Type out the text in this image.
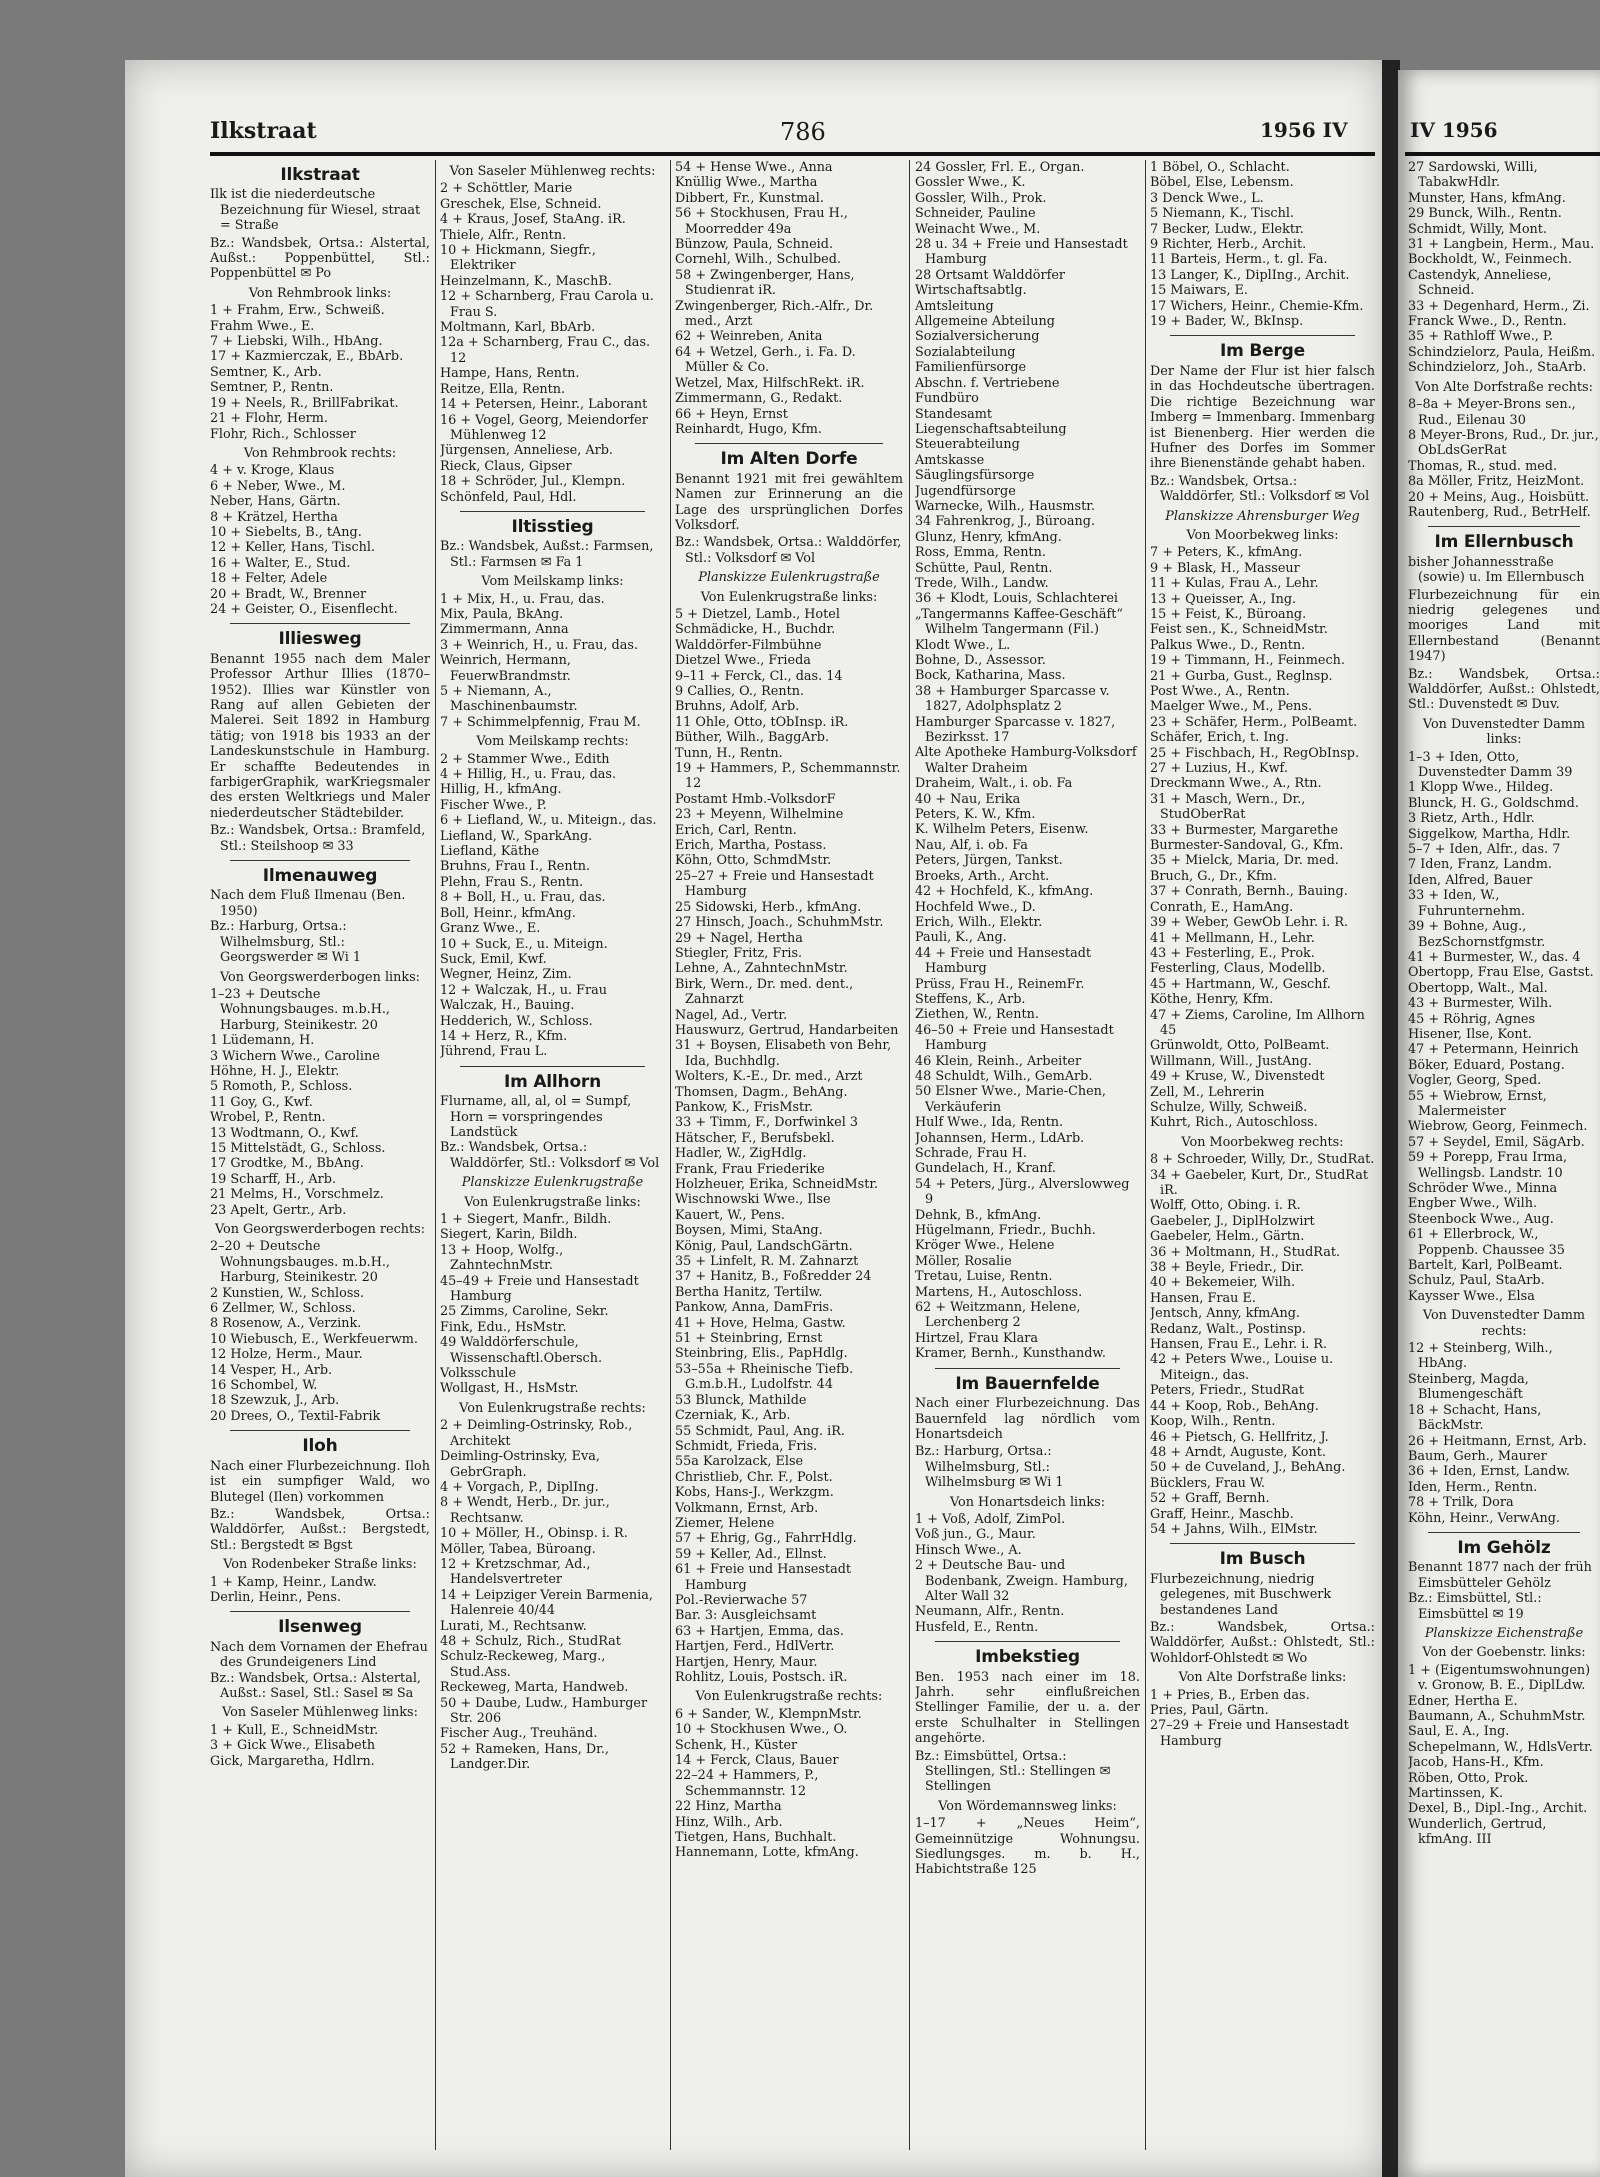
Ilkstraat	786	1956 IV	IV 1956
Ilkstraat
Ilk ist die niederdeutsche Bezeichnung für Wiesel, straat = Straße
Bz.: Wandsbek, Ortsa.: Alstertal, Außst.: Poppenbüttel, Stl.: Poppenbüttel ✉ Po
Von Rehmbrook links:
1 + Frahm, Erw., Schweiß.
Frahm Wwe., E.
7 + Liebski, Wilh., HbAng.
17 + Kazmierczak, E., BbArb.
Semtner, K., Arb.
Semtner, P., Rentn.
19 + Neels, R., BrillFabrikat.
21 + Flohr, Herm.
Flohr, Rich., Schlosser
Von Rehmbrook rechts:
4 + v. Kroge, Klaus
6 + Neber, Wwe., M.
Neber, Hans, Gärtn.
8 + Krätzel, Hertha
10 + Siebelts, B., tAng.
12 + Keller, Hans, Tischl.
16 + Walter, E., Stud.
18 + Felter, Adele
20 + Bradt, W., Brenner
24 + Geister, O., Eisenflecht.
Illiesweg
Benannt 1955 nach dem Maler Professor Arthur Illies (1870–1952). Illies war Künstler von Rang auf allen Gebieten der Malerei. Seit 1892 in Hamburg tätig; von 1918 bis 1933 an der Landeskunstschule in Hamburg. Er schaffte Bedeutendes in farbigerGraphik, warKriegsmaler des ersten Weltkriegs und Maler niederdeutscher Städtebilder.
Bz.: Wandsbek, Ortsa.: Bramfeld, Stl.: Steilshoop ✉ 33
Ilmenauweg
Nach dem Fluß Ilmenau (Ben. 1950)
Bz.: Harburg, Ortsa.: Wilhelmsburg, Stl.: Georgswerder ✉ Wi 1
Von Georgswerderbogen links:
1–23 + Deutsche Wohnungsbauges. m.b.H., Harburg, Steinikestr. 20
1 Lüdemann, H.
3 Wichern Wwe., Caroline
Höhne, H. J., Elektr.
5 Romoth, P., Schloss.
11 Goy, G., Kwf.
Wrobel, P., Rentn.
13 Wodtmann, O., Kwf.
15 Mittelstädt, G., Schloss.
17 Grodtke, M., BbAng.
19 Scharff, H., Arb.
21 Melms, H., Vorschmelz.
23 Apelt, Gertr., Arb.
Von Georgswerderbogen rechts:
2–20 + Deutsche Wohnungsbauges. m.b.H., Harburg, Steinikestr. 20
2 Kunstien, W., Schloss.
6 Zellmer, W., Schloss.
8 Rosenow, A., Verzink.
10 Wiebusch, E., Werkfeuerwm.
12 Holze, Herm., Maur.
14 Vesper, H., Arb.
16 Schombel, W.
18 Szewzuk, J., Arb.
20 Drees, O., Textil-Fabrik
Iloh
Nach einer Flurbezeichnung. Iloh ist ein sumpfiger Wald, wo Blutegel (Ilen) vorkommen
Bz.: Wandsbek, Ortsa.: Walddörfer, Außst.: Bergstedt, Stl.: Bergstedt ✉ Bgst
Von Rodenbeker Straße links:
1 + Kamp, Heinr., Landw.
Derlin, Heinr., Pens.
Ilsenweg
Nach dem Vornamen der Ehefrau des Grundeigeners Lind
Bz.: Wandsbek, Ortsa.: Alstertal, Außst.: Sasel, Stl.: Sasel ✉ Sa
Von Saseler Mühlenweg links:
1 + Kull, E., SchneidMstr.
3 + Gick Wwe., Elisabeth
Gick, Margaretha, Hdlrn.
Von Saseler Mühlenweg rechts:
2 + Schöttler, Marie
Greschek, Else, Schneid.
4 + Kraus, Josef, StaAng. iR.
Thiele, Alfr., Rentn.
10 + Hickmann, Siegfr., Elektriker
Heinzelmann, K., MaschB.
12 + Scharnberg, Frau Carola u. Frau S.
Moltmann, Karl, BbArb.
12a + Scharnberg, Frau C., das. 12
Hampe, Hans, Rentn.
Reitze, Ella, Rentn.
14 + Petersen, Heinr., Laborant
16 + Vogel, Georg, Meiendorfer Mühlenweg 12
Jürgensen, Anneliese, Arb.
Rieck, Claus, Gipser
18 + Schröder, Jul., Klempn.
Schönfeld, Paul, Hdl.
Iltisstieg
Bz.: Wandsbek, Außst.: Farmsen, Stl.: Farmsen ✉ Fa 1
Vom Meilskamp links:
1 + Mix, H., u. Frau, das.
Mix, Paula, BkAng.
Zimmermann, Anna
3 + Weinrich, H., u. Frau, das.
Weinrich, Hermann, FeuerwBrandmstr.
5 + Niemann, A., Maschinenbaumstr.
7 + Schimmelpfennig, Frau M.
Vom Meilskamp rechts:
2 + Stammer Wwe., Edith
4 + Hillig, H., u. Frau, das.
Hillig, H., kfmAng.
Fischer Wwe., P.
6 + Liefland, W., u. Miteign., das.
Liefland, W., SparkAng.
Liefland, Käthe
Bruhns, Frau I., Rentn.
Plehn, Frau S., Rentn.
8 + Boll, H., u. Frau, das.
Boll, Heinr., kfmAng.
Granz Wwe., E.
10 + Suck, E., u. Miteign.
Suck, Emil, Kwf.
Wegner, Heinz, Zim.
12 + Walczak, H., u. Frau
Walczak, H., Bauing.
Hedderich, W., Schloss.
14 + Herz, R., Kfm.
Jührend, Frau L.
Im Allhorn
Flurname, all, al, ol = Sumpf, Horn = vorspringendes Landstück
Bz.: Wandsbek, Ortsa.: Walddörfer, Stl.: Volksdorf ✉ Vol
Planskizze Eulenkrugstraße
Von Eulenkrugstraße links:
1 + Siegert, Manfr., Bildh.
Siegert, Karin, Bildh.
13 + Hoop, Wolfg., ZahntechnMstr.
45–49 + Freie und Hansestadt Hamburg
25 Zimms, Caroline, Sekr.
Fink, Edu., HsMstr.
49 Walddörferschule, Wissenschaftl.Obersch.
Volksschule
Wollgast, H., HsMstr.
Von Eulenkrugstraße rechts:
2 + Deimling-Ostrinsky, Rob., Architekt
Deimling-Ostrinsky, Eva, GebrGraph.
4 + Vorgach, P., DiplIng.
8 + Wendt, Herb., Dr. jur., Rechtsanw.
10 + Möller, H., Obinsp. i. R.
Möller, Tabea, Büroang.
12 + Kretzschmar, Ad., Handelsvertreter
14 + Leipziger Verein Barmenia, Halenreie 40/44
Lurati, M., Rechtsanw.
48 + Schulz, Rich., StudRat
Schulz-Reckeweg, Marg., Stud.Ass.
Reckeweg, Marta, Handweb.
50 + Daube, Ludw., Hamburger Str. 206
Fischer Aug., Treuhänd.
52 + Rameken, Hans, Dr., Landger.Dir.
54 + Hense Wwe., Anna
Knüllig Wwe., Martha
Dibbert, Fr., Kunstmal.
56 + Stockhusen, Frau H., Moorredder 49a
Bünzow, Paula, Schneid.
Cornehl, Wilh., Schulbed.
58 + Zwingenberger, Hans, Studienrat iR.
Zwingenberger, Rich.-Alfr., Dr. med., Arzt
62 + Weinreben, Anita
64 + Wetzel, Gerh., i. Fa. D. Müller & Co.
Wetzel, Max, HilfschRekt. iR.
Zimmermann, G., Redakt.
66 + Heyn, Ernst
Reinhardt, Hugo, Kfm.
Im Alten Dorfe
Benannt 1921 mit frei gewähltem Namen zur Erinnerung an die Lage des ursprünglichen Dorfes Volksdorf.
Bz.: Wandsbek, Ortsa.: Walddörfer, Stl.: Volksdorf ✉ Vol
Planskizze Eulenkrugstraße
Von Eulenkrugstraße links:
5 + Dietzel, Lamb., Hotel
Schmädicke, H., Buchdr.
Walddörfer-Filmbühne
Dietzel Wwe., Frieda
9–11 + Ferck, Cl., das. 14
9 Callies, O., Rentn.
Bruhns, Adolf, Arb.
11 Ohle, Otto, tObInsp. iR.
Büther, Wilh., BaggArb.
Tunn, H., Rentn.
19 + Hammers, P., Schemmannstr. 12
Postamt Hmb.-VolksdorF
23 + Meyenn, Wilhelmine
Erich, Carl, Rentn.
Erich, Martha, Postass.
Köhn, Otto, SchmdMstr.
25–27 + Freie und Hansestadt Hamburg
25 Sidowski, Herb., kfmAng.
27 Hinsch, Joach., SchuhmMstr.
29 + Nagel, Hertha
Stiegler, Fritz, Fris.
Lehne, A., ZahntechnMstr.
Birk, Wern., Dr. med. dent., Zahnarzt
Nagel, Ad., Vertr.
Hauswurz, Gertrud, Handarbeiten
31 + Boysen, Elisabeth von Behr, Ida, Buchhdlg.
Wolters, K.-E., Dr. med., Arzt
Thomsen, Dagm., BehAng.
Pankow, K., FrisMstr.
33 + Timm, F., Dorfwinkel 3
Hätscher, F., Berufsbekl.
Hadler, W., ZigHdlg.
Frank, Frau Friederike
Holzheuer, Erika, SchneidMstr.
Wischnowski Wwe., Ilse
Kauert, W., Pens.
Boysen, Mimi, StaAng.
König, Paul, LandschGärtn.
35 + Linfelt, R. M. Zahnarzt
37 + Hanitz, B., Foßredder 24
Bertha Hanitz, Tertilw.
Pankow, Anna, DamFris.
41 + Hove, Helma, Gastw.
51 + Steinbring, Ernst
Steinbring, Elis., PapHdlg.
53–55a + Rheinische Tiefb. G.m.b.H., Ludolfstr. 44
53 Blunck, Mathilde
Czerniak, K., Arb.
55 Schmidt, Paul, Ang. iR.
Schmidt, Frieda, Fris.
55a Karolzack, Else
Christlieb, Chr. F., Polst.
Kobs, Hans-J., Werkzgm.
Volkmann, Ernst, Arb.
Ziemer, Helene
57 + Ehrig, Gg., FahrrHdlg.
59 + Keller, Ad., Ellnst.
61 + Freie und Hansestadt Hamburg
Pol.-Revierwache 57
Bar. 3: Ausgleichsamt
63 + Hartjen, Emma, das.
Hartjen, Ferd., HdlVertr.
Hartjen, Henry, Maur.
Rohlitz, Louis, Postsch. iR.
Von Eulenkrugstraße rechts:
6 + Sander, W., KlempnMstr.
10 + Stockhusen Wwe., O.
Schenk, H., Küster
14 + Ferck, Claus, Bauer
22–24 + Hammers, P., Schemmannstr. 12
22 Hinz, Martha
Hinz, Wilh., Arb.
Tietgen, Hans, Buchhalt.
Hannemann, Lotte, kfmAng.
24 Gossler, Frl. E., Organ.
Gossler Wwe., K.
Gossler, Wilh., Prok.
Schneider, Pauline
Weinacht Wwe., M.
28 u. 34 + Freie und Hansestadt Hamburg
28 Ortsamt Walddörfer
Wirtschaftsabtlg.
Amtsleitung
Allgemeine Abteilung
Sozialversicherung
Sozialabteilung
Familienfürsorge
Abschn. f. Vertriebene
Fundbüro
Standesamt
Liegenschaftsabteilung
Steuerabteilung
Amtskasse
Säuglingsfürsorge
Jugendfürsorge
Warnecke, Wilh., Hausmstr.
34 Fahrenkrog, J., Büroang.
Glunz, Henry, kfmAng.
Ross, Emma, Rentn.
Schütte, Paul, Rentn.
Trede, Wilh., Landw.
36 + Klodt, Louis, Schlachterei
„Tangermanns Kaffee-Geschäft“ Wilhelm Tangermann (Fil.)
Klodt Wwe., L.
Bohne, D., Assessor.
Bock, Katharina, Mass.
38 + Hamburger Sparcasse v. 1827, Adolphsplatz 2
Hamburger Sparcasse v. 1827, Bezirksst. 17
Alte Apotheke Hamburg-Volksdorf Walter Draheim
Draheim, Walt., i. ob. Fa
40 + Nau, Erika
Peters, K. W., Kfm.
K. Wilhelm Peters, Eisenw.
Nau, Alf, i. ob. Fa
Peters, Jürgen, Tankst.
Broeks, Arth., Archt.
42 + Hochfeld, K., kfmAng.
Hochfeld Wwe., D.
Erich, Wilh., Elektr.
Pauli, K., Ang.
44 + Freie und Hansestadt Hamburg
Prüss, Frau H., ReinemFr.
Steffens, K., Arb.
Ziethen, W., Rentn.
46–50 + Freie und Hansestadt Hamburg
46 Klein, Reinh., Arbeiter
48 Schuldt, Wilh., GemArb.
50 Elsner Wwe., Marie-Chen, Verkäuferin
Hulf Wwe., Ida, Rentn.
Johannsen, Herm., LdArb.
Schrade, Frau H.
Gundelach, H., Kranf.
54 + Peters, Jürg., Alverslowweg 9
Dehnk, B., kfmAng.
Hügelmann, Friedr., Buchh.
Kröger Wwe., Helene
Möller, Rosalie
Tretau, Luise, Rentn.
Martens, H., Autoschloss.
62 + Weitzmann, Helene, Lerchenberg 2
Hirtzel, Frau Klara
Kramer, Bernh., Kunsthandw.
Im Bauernfelde
Nach einer Flurbezeichnung. Das Bauernfeld lag nördlich vom Honartsdeich
Bz.: Harburg, Ortsa.: Wilhelmsburg, Stl.: Wilhelmsburg ✉ Wi 1
Von Honartsdeich links:
1 + Voß, Adolf, ZimPol.
Voß jun., G., Maur.
Hinsch Wwe., A.
2 + Deutsche Bau- und Bodenbank, Zweign. Hamburg, Alter Wall 32
Neumann, Alfr., Rentn.
Husfeld, E., Rentn.
Imbekstieg
Ben. 1953 nach einer im 18. Jahrh. sehr einflußreichen Stellinger Familie, der u. a. der erste Schulhalter in Stellingen angehörte.
Bz.: Eimsbüttel, Ortsa.: Stellingen, Stl.: Stellingen ✉ Stellingen
Von Wördemannsweg links:
1–17 + „Neues Heim“, Gemeinnützige Wohnungsu. Siedlungsges. m. b. H., Habichtstraße 125
1 Böbel, O., Schlacht.
Böbel, Else, Lebensm.
3 Denck Wwe., L.
5 Niemann, K., Tischl.
7 Becker, Ludw., Elektr.
9 Richter, Herb., Archit.
11 Barteis, Herm., t. gl. Fa.
13 Langer, K., DiplIng., Archit.
15 Maiwars, E.
17 Wichers, Heinr., Chemie-Kfm.
19 + Bader, W., BkInsp.
Im Berge
Der Name der Flur ist hier falsch in das Hochdeutsche übertragen. Die richtige Bezeichnung war Imberg = Immenbarg. Immenbarg ist Bienenberg. Hier werden die Hufner des Dorfes im Sommer ihre Bienenstände gehabt haben.
Bz.: Wandsbek, Ortsa.: Walddörfer, Stl.: Volksdorf ✉ Vol
Planskizze Ahrensburger Weg
Von Moorbekweg links:
7 + Peters, K., kfmAng.
9 + Blask, H., Masseur
11 + Kulas, Frau A., Lehr.
13 + Queisser, A., Ing.
15 + Feist, K., Büroang.
Feist sen., K., SchneidMstr.
Palkus Wwe., D., Rentn.
19 + Timmann, H., Feinmech.
21 + Gurba, Gust., Reglnsp.
Post Wwe., A., Rentn.
Maelger Wwe., M., Pens.
23 + Schäfer, Herm., PolBeamt.
Schäfer, Erich, t. Ing.
25 + Fischbach, H., RegObInsp.
27 + Luzius, H., Kwf.
Dreckmann Wwe., A., Rtn.
31 + Masch, Wern., Dr., StudOberRat
33 + Burmester, Margarethe
Burmester-Sandoval, G., Kfm.
35 + Mielck, Maria, Dr. med.
Bruch, G., Dr., Kfm.
37 + Conrath, Bernh., Bauing.
Conrath, E., HamAng.
39 + Weber, GewOb Lehr. i. R.
41 + Mellmann, H., Lehr.
43 + Festerling, E., Prok.
Festerling, Claus, Modellb.
45 + Hartmann, W., Geschf.
Köthe, Henry, Kfm.
47 + Ziems, Caroline, Im Allhorn 45
Grünwoldt, Otto, PolBeamt.
Willmann, Will., JustAng.
49 + Kruse, W., Divenstedt
Zell, M., Lehrerin
Schulze, Willy, Schweiß.
Kuhrt, Rich., Autoschloss.
Von Moorbekweg rechts:
8 + Schroeder, Willy, Dr., StudRat.
34 + Gaebeler, Kurt, Dr., StudRat iR.
Wolff, Otto, Obing. i. R.
Gaebeler, J., DiplHolzwirt
Gaebeler, Helm., Gärtn.
36 + Moltmann, H., StudRat.
38 + Beyle, Friedr., Dir.
40 + Bekemeier, Wilh.
Hansen, Frau E.
Jentsch, Anny, kfmAng.
Redanz, Walt., Postinsp.
Hansen, Frau E., Lehr. i. R.
42 + Peters Wwe., Louise u. Miteign., das.
Peters, Friedr., StudRat
44 + Koop, Rob., BehAng.
Koop, Wilh., Rentn.
46 + Pietsch, G. Hellfritz, J.
48 + Arndt, Auguste, Kont.
50 + de Cuveland, J., BehAng.
Bücklers, Frau W.
52 + Graff, Bernh.
Graff, Heinr., Maschb.
54 + Jahns, Wilh., ElMstr.
Im Busch
Flurbezeichnung, niedrig gelegenes, mit Buschwerk bestandenes Land
Bz.: Wandsbek, Ortsa.: Walddörfer, Außst.: Ohlstedt, Stl.: Wohldorf-Ohlstedt ✉ Wo
Von Alte Dorfstraße links:
1 + Pries, B., Erben das.
Pries, Paul, Gärtn.
27–29 + Freie und Hansestadt Hamburg
27 Sardowski, Willi, TabakwHdlr.
Munster, Hans, kfmAng.
29 Bunck, Wilh., Rentn.
Schmidt, Willy, Mont.
31 + Langbein, Herm., Mau.
Bockholdt, W., Feinmech.
Castendyk, Anneliese, Schneid.
33 + Degenhard, Herm., Zi.
Franck Wwe., D., Rentn.
35 + Rathloff Wwe., P.
Schindzielorz, Paula, Heißm.
Schindzielorz, Joh., StaArb.
Von Alte Dorfstraße rechts:
8–8a + Meyer-Brons sen., Rud., Eilenau 30
8 Meyer-Brons, Rud., Dr. jur., ObLdsGerRat
Thomas, R., stud. med.
8a Möller, Fritz, HeizMont.
20 + Meins, Aug., Hoisbütt.
Rautenberg, Rud., BetrHelf.
Im Ellernbusch
bisher Johannesstraße (sowie) u. Im Ellernbusch
Flurbezeichnung für ein niedrig gelegenes und mooriges Land mit Ellernbestand (Benannt 1947)
Bz.: Wandsbek, Ortsa.: Walddörfer, Außst.: Ohlstedt, Stl.: Duvenstedt ✉ Duv.
Von Duvenstedter Damm links:
1–3 + Iden, Otto, Duvenstedter Damm 39
1 Klopp Wwe., Hildeg.
Blunck, H. G., Goldschmd.
3 Rietz, Arth., Hdlr.
Siggelkow, Martha, Hdlr.
5–7 + Iden, Alfr., das. 7
7 Iden, Franz, Landm.
Iden, Alfred, Bauer
33 + Iden, W., Fuhrunternehm.
39 + Bohne, Aug., BezSchornstfgmstr.
41 + Burmester, W., das. 4
Obertopp, Frau Else, Gastst.
Obertopp, Walt., Mal.
43 + Burmester, Wilh.
45 + Röhrig, Agnes
Hisener, Ilse, Kont.
47 + Petermann, Heinrich
Böker, Eduard, Postang.
Vogler, Georg, Sped.
55 + Wiebrow, Ernst, Malermeister
Wiebrow, Georg, Feinmech.
57 + Seydel, Emil, SägArb.
59 + Porepp, Frau Irma, Wellingsb. Landstr. 10
Schröder Wwe., Minna
Engber Wwe., Wilh.
Steenbock Wwe., Aug.
61 + Ellerbrock, W., Poppenb. Chaussee 35
Bartelt, Karl, PolBeamt.
Schulz, Paul, StaArb.
Kaysser Wwe., Elsa
Von Duvenstedter Damm rechts:
12 + Steinberg, Wilh., HbAng.
Steinberg, Magda, Blumengeschäft
18 + Schacht, Hans, BäckMstr.
26 + Heitmann, Ernst, Arb.
Baum, Gerh., Maurer
36 + Iden, Ernst, Landw.
Iden, Herm., Rentn.
78 + Trilk, Dora
Köhn, Heinr., VerwAng.
Im Gehölz
Benannt 1877 nach der früh Eimsbütteler Gehölz
Bz.: Eimsbüttel, Stl.: Eimsbüttel ✉ 19
Planskizze Eichenstraße
Von der Goebenstr. links:
1 + (Eigentumswohnungen) v. Gronow, B. E., DiplLdw.
Edner, Hertha E.
Baumann, A., SchuhmMstr.
Saul, E. A., Ing.
Schepelmann, W., HdlsVertr.
Jacob, Hans-H., Kfm.
Röben, Otto, Prok.
Martinssen, K.
Dexel, B., Dipl.-Ing., Archit.
Wunderlich, Gertrud, kfmAng. III
